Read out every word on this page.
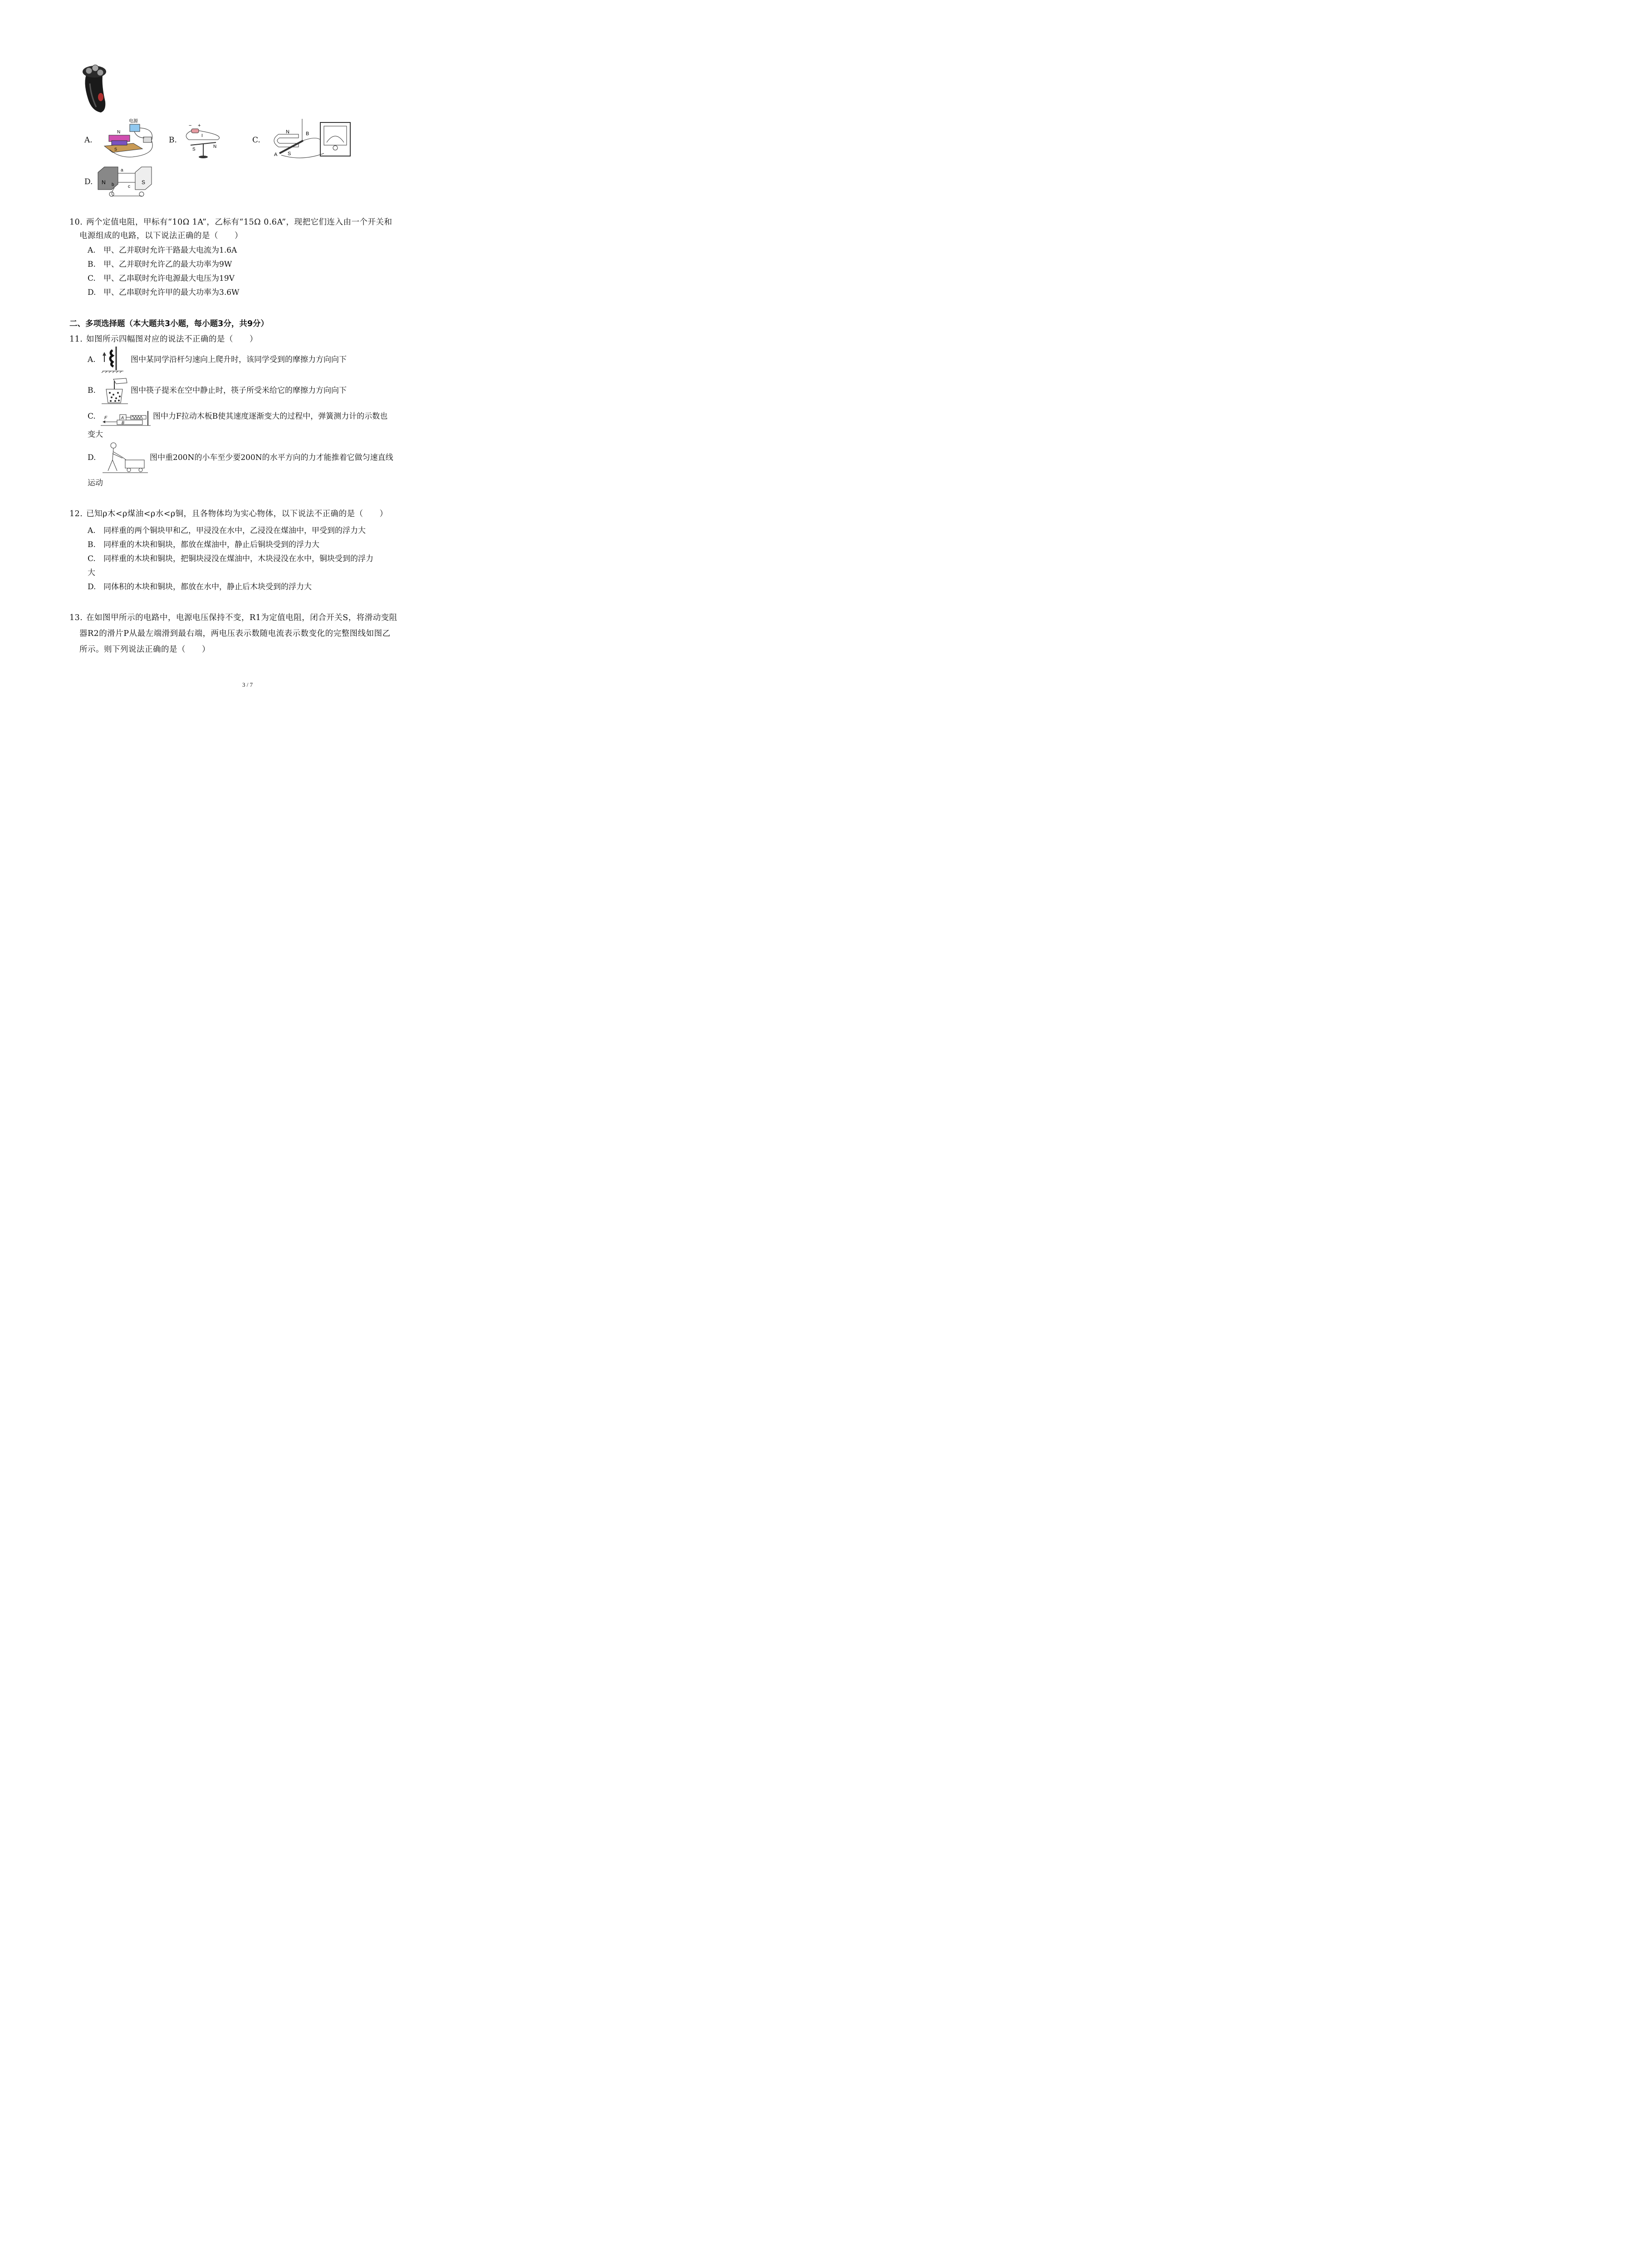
A.
电源
N
S
B.
− +
I
S
N
C.
N
S
A
B
D. N	S
a
b	c
10. 两个定值电阻，甲标有“10Ω 1A”，乙标有“15Ω 0.6A”，现把它们连入由一个开关和
电源组成的电路，以下说法正确的是（　　）
A. 甲、乙并联时允许干路最大电流为1.6A
B. 甲、乙并联时允许乙的最大功率为9W
C. 甲、乙串联时允许电源最大电压为19V
D. 甲、乙串联时允许甲的最大功率为3.6W
二、多项选择题（本大题共3小题，每小题3分，共9分）
11. 如图所示四幅图对应的说法不正确的是（　　）
A.	图中某同学沿杆匀速向上爬升时，该同学受到的摩擦力方向向下
B.	图中筷子提米在空中静止时，筷子所受米给它的摩擦力方向向下
C. F
B
A	图中力F拉动木板B使其速度逐渐变大的过程中，弹簧测力计的示数也
变大
D.	图中重200N的小车至少要200N的水平方向的力才能推着它做匀速直线
运动
12. 已知ρ木<ρ煤油<ρ水<ρ铜，且各物体均为实心物体，以下说法不正确的是（　　）
A. 同样重的两个铜块甲和乙，甲浸没在水中，乙浸没在煤油中，甲受到的浮力大
B. 同样重的木块和铜块，都放在煤油中，静止后铜块受到的浮力大
C. 同样重的木块和铜块，把铜块浸没在煤油中，木块浸没在水中，铜块受到的浮力
大
D. 同体积的木块和铜块，都放在水中，静止后木块受到的浮力大
13. 在如图甲所示的电路中，电源电压保持不变，R1为定值电阻，闭合开关S，将滑动变阻
器R2的滑片P从最左端滑到最右端，两电压表示数随电流表示数变化的完整图线如图乙
所示。则下列说法正确的是（　　）
3 / 7
